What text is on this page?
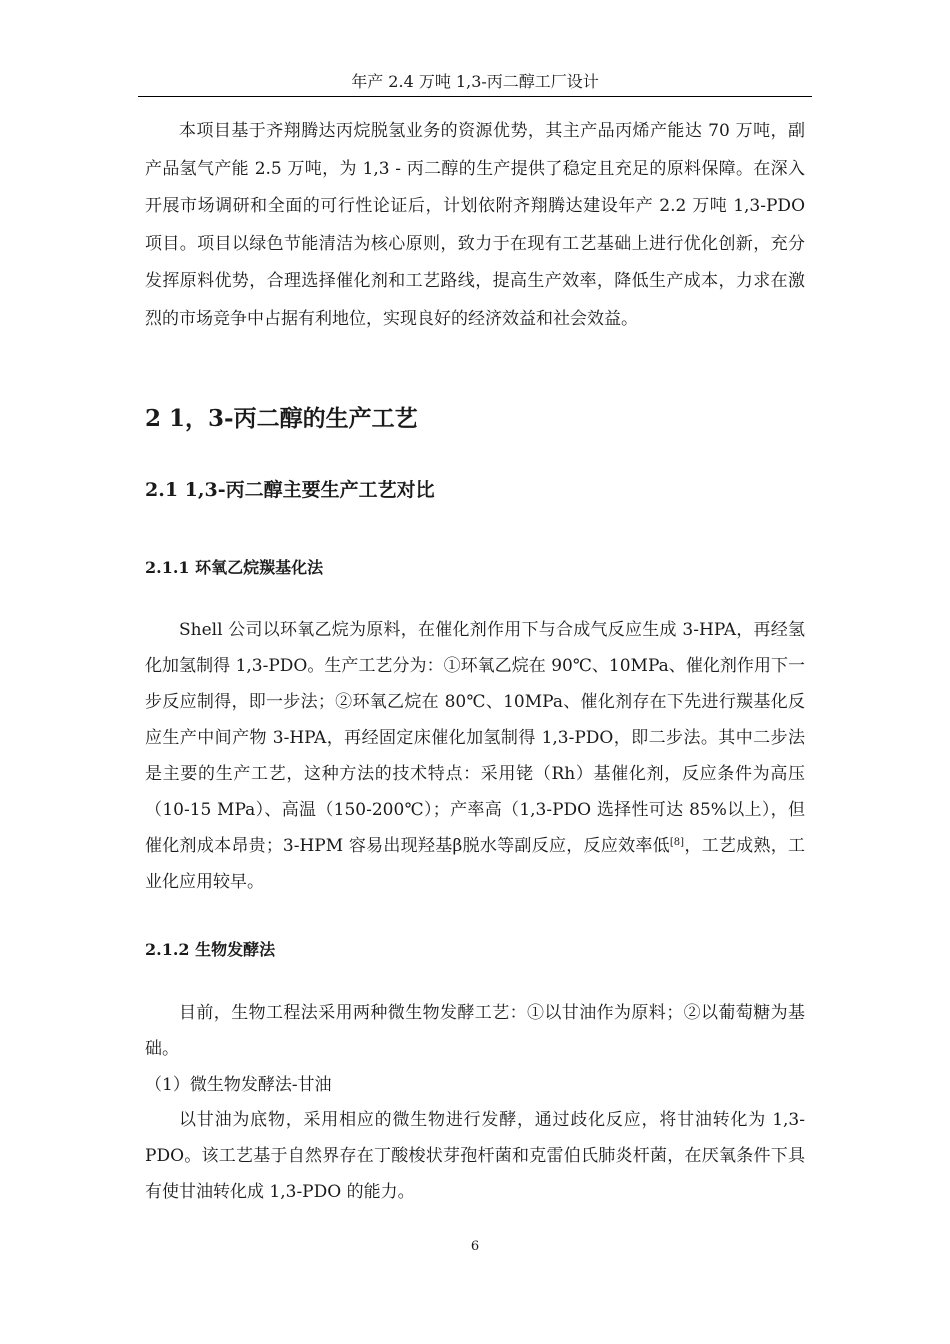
年产 2.4 万吨 1,3-丙二醇工厂设计

本项目基于齐翔腾达丙烷脱氢业务的资源优势，其主产品丙烯产能达 70 万吨，副产品氢气产能 2.5 万吨，为 1,3 - 丙二醇的生产提供了稳定且充足的原料保障。在深入开展市场调研和全面的可行性论证后，计划依附齐翔腾达建设年产 2.2 万吨 1,3-PDO 项目。项目以绿色节能清洁为核心原则，致力于在现有工艺基础上进行优化创新，充分发挥原料优势，合理选择催化剂和工艺路线，提高生产效率，降低生产成本，力求在激烈的市场竞争中占据有利地位，实现良好的经济效益和社会效益。

2 1，3-丙二醇的生产工艺
2.1 1,3-丙二醇主要生产工艺对比
2.1.1 环氧乙烷羰基化法

Shell 公司以环氧乙烷为原料，在催化剂作用下与合成气反应生成 3-HPA，再经氢化加氢制得 1,3-PDO。生产工艺分为：①环氧乙烷在 90℃、10MPa、催化剂作用下一步反应制得，即一步法；②环氧乙烷在 80℃、10MPa、催化剂存在下先进行羰基化反应生产中间产物 3-HPA，再经固定床催化加氢制得 1,3-PDO，即二步法。其中二步法是主要的生产工艺，这种方法的技术特点：采用铑（Rh）基催化剂，反应条件为高压（10-15 MPa）、高温（150-200℃）；产率高（1,3-PDO 选择性可达 85%以上），但催化剂成本昂贵；3-HPM 容易出现羟基β脱水等副反应，反应效率低[8]，工艺成熟，工业化应用较早。

2.1.2 生物发酵法

目前，生物工程法采用两种微生物发酵工艺：①以甘油作为原料；②以葡萄糖为基础。

（1）微生物发酵法-甘油

以甘油为底物，采用相应的微生物进行发酵，通过歧化反应，将甘油转化为 1,3-PDO。该工艺基于自然界存在丁酸梭状芽孢杆菌和克雷伯氏肺炎杆菌，在厌氧条件下具有使甘油转化成 1,3-PDO 的能力。

6
